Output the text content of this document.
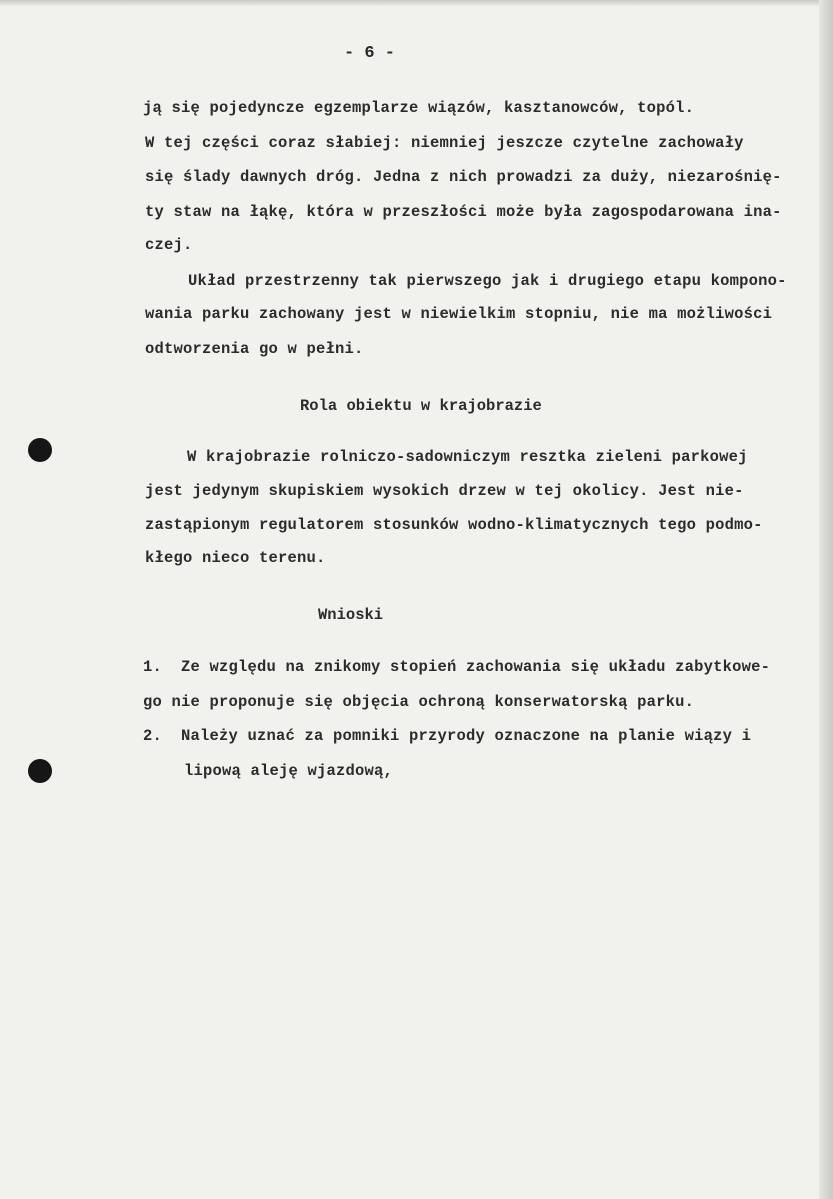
- 6 -
ją się pojedyncze egzemplarze wiązów, kasztanowców, topól.
W tej części coraz słabiej: niemniej jeszcze czytelne zachowały
się ślady dawnych dróg. Jedna z nich prowadzi za duży, niezarośnię-
ty staw na łąkę, która w przeszłości może była zagospodarowana ina-
czej.
Układ przestrzenny tak pierwszego jak i drugiego etapu kompono-
wania parku zachowany jest w niewielkim stopniu, nie ma możliwości
odtworzenia go w pełni.
Rola obiektu w krajobrazie
W krajobrazie rolniczo-sadowniczym resztka zieleni parkowej
jest jedynym skupiskiem wysokich drzew w tej okolicy. Jest nie-
zastąpionym regulatorem stosunków wodno-klimatycznych tego podmo-
kłego nieco terenu.
Wnioski
1.  Ze względu na znikomy stopień zachowania się układu zabytkowe-
go nie proponuje się objęcia ochroną konserwatorską parku.
2.  Należy uznać za pomniki przyrody oznaczone na planie wiązy i
lipową aleję wjazdową,
